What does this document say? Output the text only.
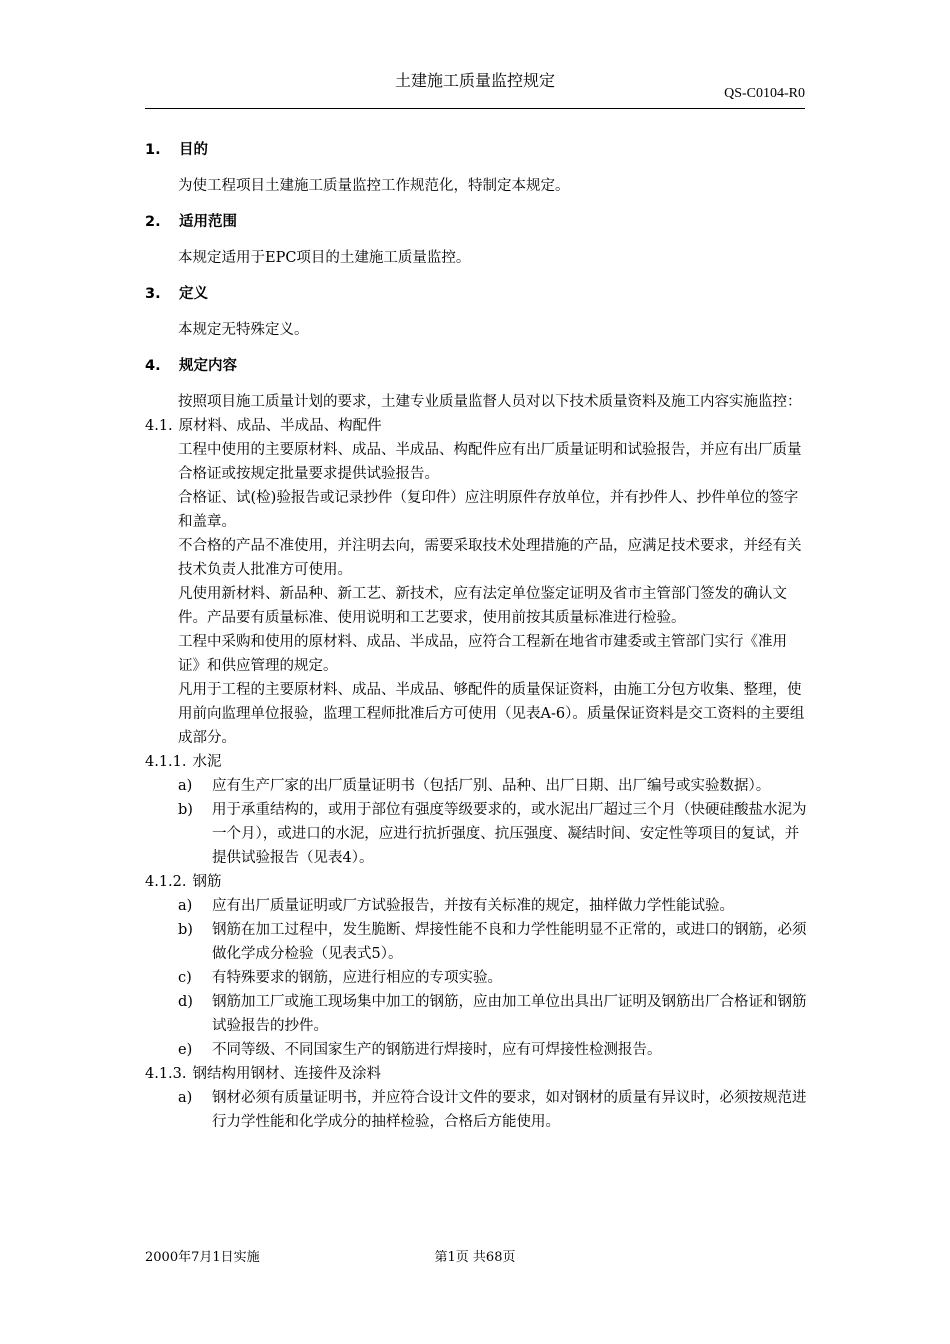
土建施工质量监控规定
QS-C0104-R0

1. 目的

为使工程项目土建施工质量监控工作规范化，特制定本规定。

2. 适用范围

本规定适用于EPC项目的土建施工质量监控。

3. 定义

本规定无特殊定义。

4. 规定内容

按照项目施工质量计划的要求，土建专业质量监督人员对以下技术质量资料及施工内容实施监控：

4.1. 原材料、成品、半成品、构配件

工程中使用的主要原材料、成品、半成品、构配件应有出厂质量证明和试验报告，并应有出厂质量合格证或按规定批量要求提供试验报告。

合格证、试(检)验报告或记录抄件（复印件）应注明原件存放单位，并有抄件人、抄件单位的签字和盖章。

不合格的产品不准使用，并注明去向，需要采取技术处理措施的产品，应满足技术要求，并经有关技术负责人批准方可使用。

凡使用新材料、新品种、新工艺、新技术，应有法定单位鉴定证明及省市主管部门签发的确认文件。产品要有质量标准、使用说明和工艺要求，使用前按其质量标准进行检验。

工程中采购和使用的原材料、成品、半成品，应符合工程新在地省市建委或主管部门实行《准用证》和供应管理的规定。

凡用于工程的主要原材料、成品、半成品、够配件的质量保证资料，由施工分包方收集、整理，使用前向监理单位报验，监理工程师批准后方可使用（见表A-6）。质量保证资料是交工资料的主要组成部分。

4.1.1. 水泥

a)	应有生产厂家的出厂质量证明书（包括厂别、品种、出厂日期、出厂编号或实验数据）。
b)	用于承重结构的，或用于部位有强度等级要求的，或水泥出厂超过三个月（快硬硅酸盐水泥为一个月），或进口的水泥，应进行抗折强度、抗压强度、凝结时间、安定性等项目的复试，并提供试验报告（见表4）。

4.1.2. 钢筋

a)	应有出厂质量证明或厂方试验报告，并按有关标准的规定，抽样做力学性能试验。
b)	钢筋在加工过程中，发生脆断、焊接性能不良和力学性能明显不正常的，或进口的钢筋，必须做化学成分检验（见表式5）。
c)	有特殊要求的钢筋，应进行相应的专项实验。
d)	钢筋加工厂或施工现场集中加工的钢筋，应由加工单位出具出厂证明及钢筋出厂合格证和钢筋试验报告的抄件。
e)	不同等级、不同国家生产的钢筋进行焊接时，应有可焊接性检测报告。

4.1.3. 钢结构用钢材、连接件及涂料

a)	钢材必须有质量证明书，并应符合设计文件的要求，如对钢材的质量有异议时，必须按规范进行力学性能和化学成分的抽样检验，合格后方能使用。
2000年7月1日实施	第1页 共68页
